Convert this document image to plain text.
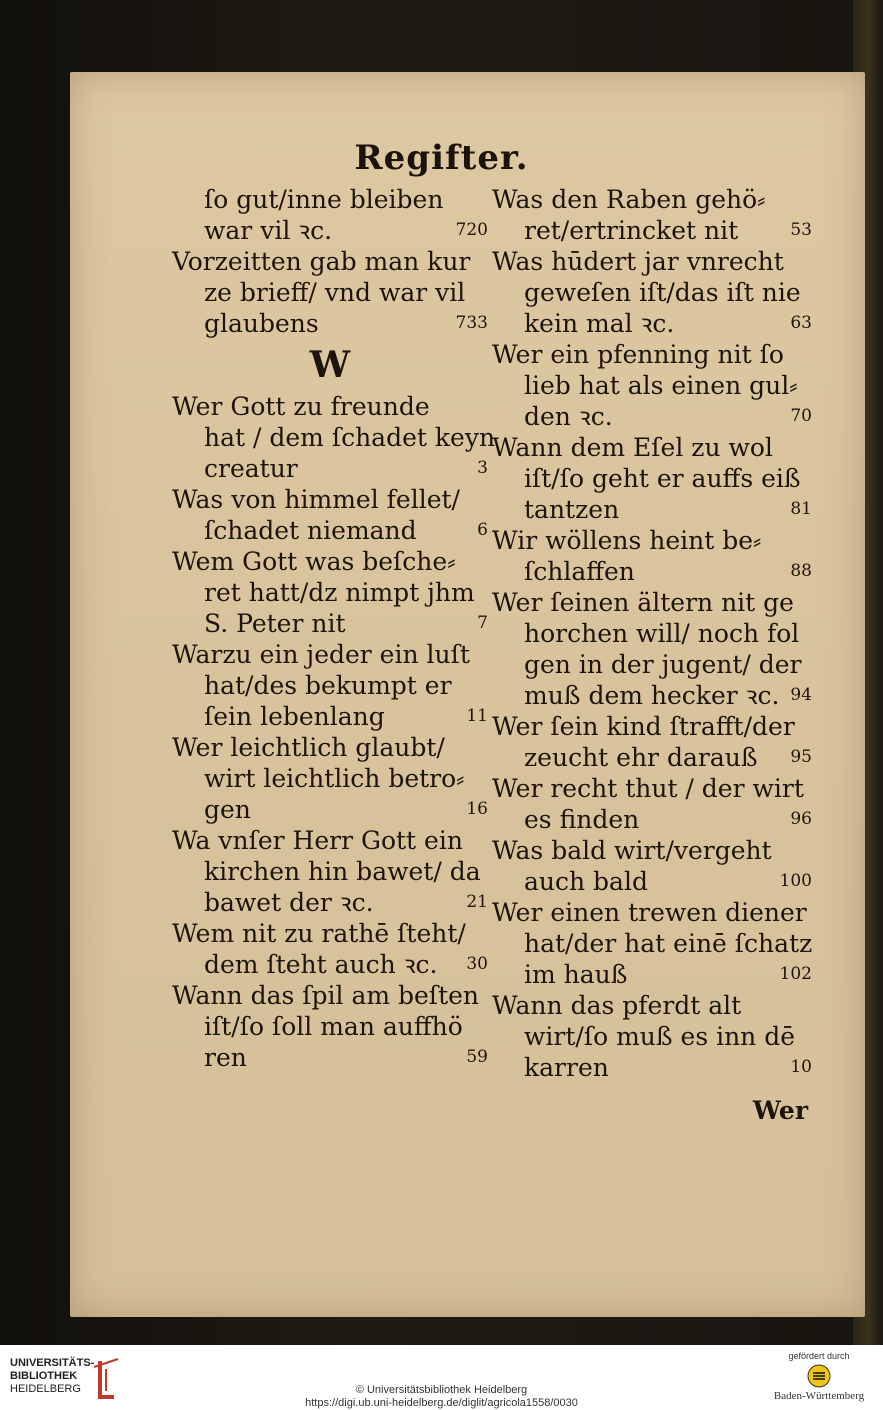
Regifter.
ſo gut/inne bleiben
war vil ꝛc.	720
Vorzeitten gab man kur
ze brieff/ vnd war vil
glaubens	733
W
Wer Gott zu freunde
hat / dem ſchadet keyn
creatur	3
Was von himmel fellet/
ſchadet niemand	6
Wem Gott was beſche⸗
ret hatt/dz nimpt jhm
S. Peter nit	7
Warzu ein jeder ein luſt
hat/des bekumpt er
ſein lebenlang	11
Wer leichtlich glaubt/
wirt leichtlich betro⸗
gen	16
Wa vnſer Herr Gott ein
kirchen hin bawet/ da
bawet der ꝛc.	21
Wem nit zu rathē ſteht/
dem ſteht auch ꝛc. 30
Wann das ſpil am beſten
iſt/ſo ſoll man auffhö
ren	59
Was den Raben gehö⸗
ret/ertrincket nit	53
Was hūdert jar vnrecht
geweſen iſt/das iſt nie
kein mal ꝛc.	63
Wer ein pfenning nit ſo
lieb hat als einen gul⸗
den ꝛc.	70
Wann dem Eſel zu wol
iſt/ſo geht er auffs eiß
tantzen	81
Wir wöllens heint be⸗
ſchlaffen	88
Wer ſeinen ältern nit ge
horchen will/ noch fol
gen in der jugent/ der
muß dem hecker ꝛc. 94
Wer ſein kind ſtrafft/der
zeucht ehr darauß 95
Wer recht thut / der wirt
es finden	96
Was bald wirt/vergeht
auch bald	100
Wer einen trewen diener
hat/der hat einē ſchatz
im hauß	102
Wann das pferdt alt
wirt/ſo muß es inn dē
karren	10
Wer
UNIVERSITÄTS-
BIBLIOTHEK
HEIDELBERG	© Universitätsbibliothek Heidelberg
https://digi.ub.uni-heidelberg.de/diglit/agricola1558/0030
gefördert durch
Baden-Württemberg
